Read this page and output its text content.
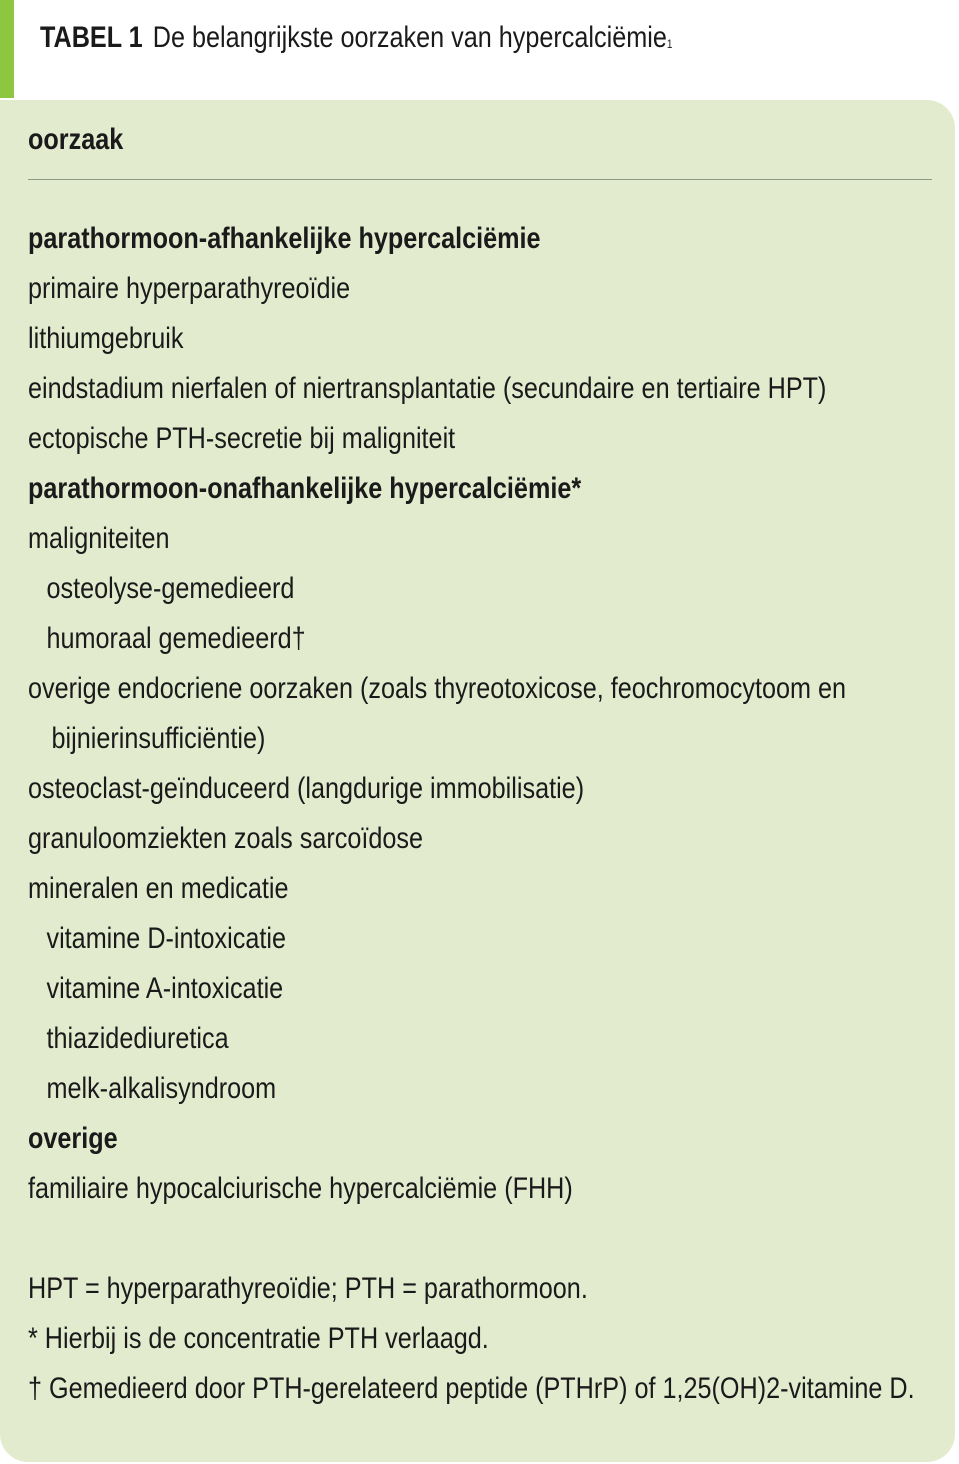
TABEL 1 De belangrijkste oorzaken van hypercalciëmie$^1$
oorzaak
parathormoon-afhankelijke hypercalciëmie
primaire hyperparathyreoïdie
lithiumgebruik
eindstadium nierfalen of niertransplantatie (secundaire en tertiaire HPT)
ectopische PTH-secretie bij maligniteit
parathormoon-onafhankelijke hypercalciëmie*
maligniteiten
osteolyse-gemedieerd
humoraal gemedieerd†
overige endocriene oorzaken (zoals thyreotoxicose, feochromocytoom en
bijnierinsufficiëntie)
osteoclast-geïnduceerd (langdurige immobilisatie)
granuloomziekten zoals sarcoïdose
mineralen en medicatie
vitamine D-intoxicatie
vitamine A-intoxicatie
thiazidediuretica
melk-alkalisyndroom
overige
familiaire hypocalciurische hypercalciëmie (FHH)
HPT = hyperparathyreoïdie; PTH = parathormoon.
* Hierbij is de concentratie PTH verlaagd.
† Gemedieerd door PTH-gerelateerd peptide (PTHrP) of 1,25(OH)2-vitamine D.
